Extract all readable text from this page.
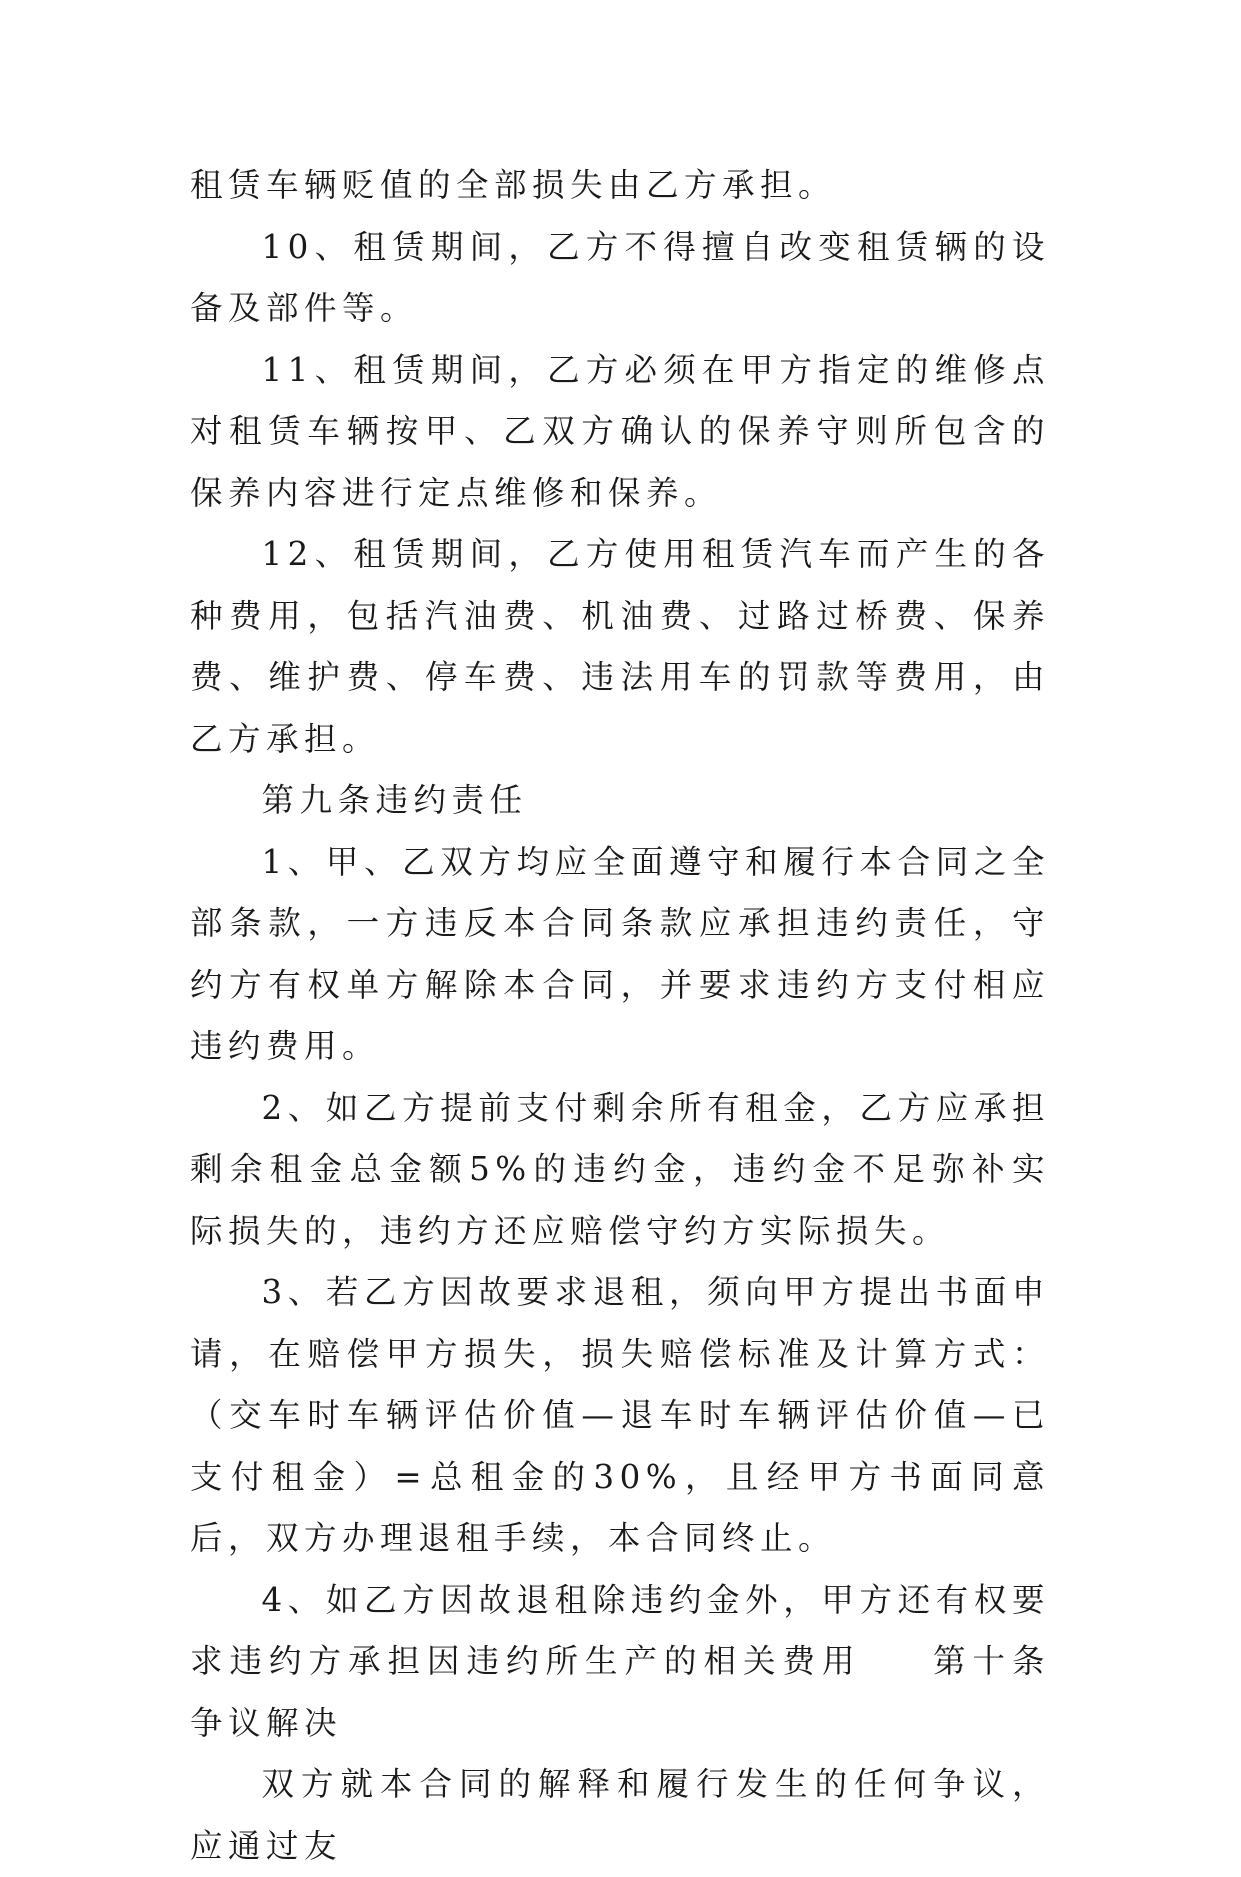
租赁车辆贬值的全部损失由乙方承担。

10、租赁期间，乙方不得擅自改变租赁辆的设备及部件等。

11、租赁期间，乙方必须在甲方指定的维修点对租赁车辆按甲、乙双方确认的保养守则所包含的保养内容进行定点维修和保养。

12、租赁期间，乙方使用租赁汽车而产生的各种费用，包括汽油费、机油费、过路过桥费、保养费、维护费、停车费、违法用车的罚款等费用，由乙方承担。

第九条违约责任

1、甲、乙双方均应全面遵守和履行本合同之全部条款，一方违反本合同条款应承担违约责任，守约方有权单方解除本合同，并要求违约方支付相应违约费用。

2、如乙方提前支付剩余所有租金，乙方应承担剩余租金总金额5%的违约金，违约金不足弥补实际损失的，违约方还应赔偿守约方实际损失。

3、若乙方因故要求退租，须向甲方提出书面申请，在赔偿甲方损失，损失赔偿标准及计算方式：（交车时车辆评估价值—退车时车辆评估价值—已支付租金）=总租金的30%，且经甲方书面同意后，双方办理退租手续，本合同终止。

4、如乙方因故退租除违约金外，甲方还有权要求违约方承担因违约所生产的相关费用 第十条争议解决

双方就本合同的解释和履行发生的任何争议，应通过友
